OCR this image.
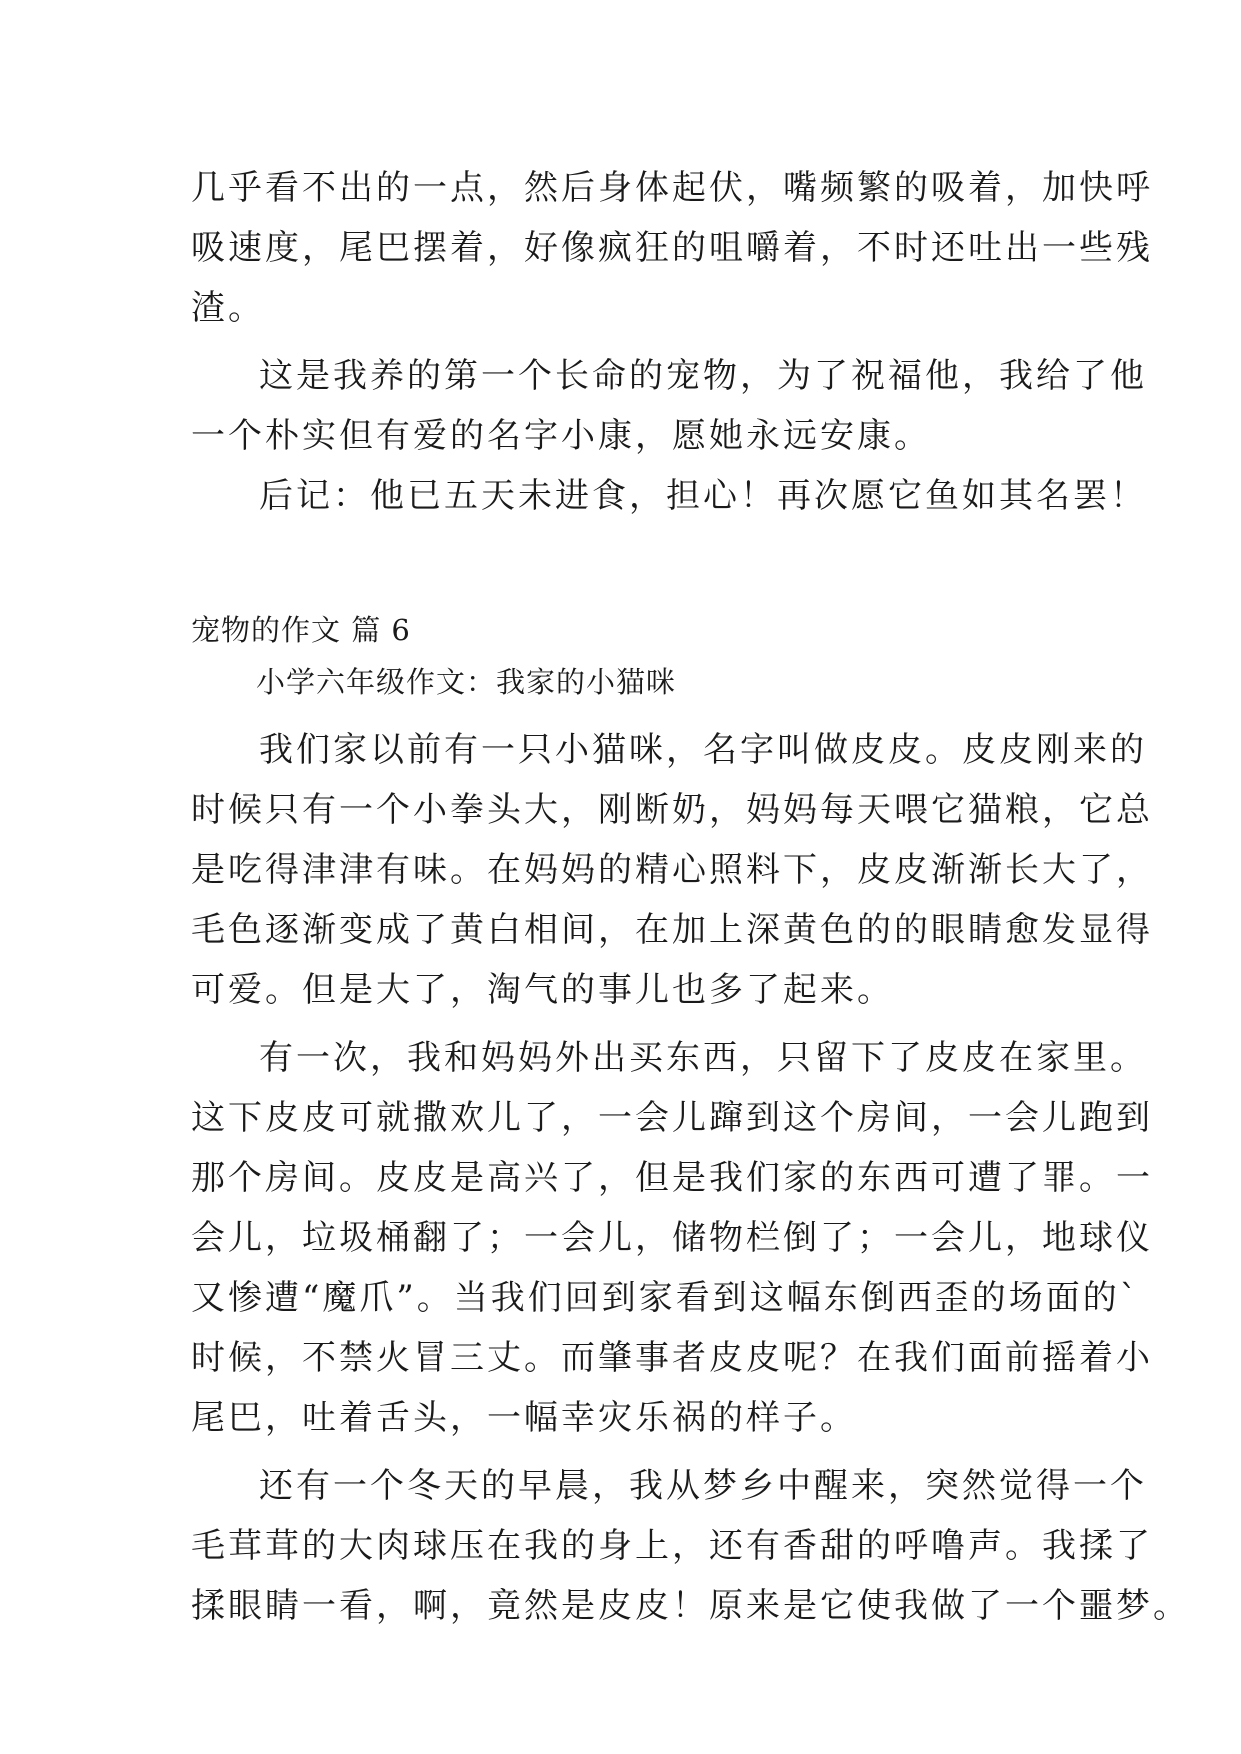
几乎看不出的一点，然后身体起伏，嘴频繁的吸着，加快呼
吸速度，尾巴摆着，好像疯狂的咀嚼着，不时还吐出一些残
渣。
这是我养的第一个长命的宠物，为了祝福他，我给了他
一个朴实但有爱的名字小康，愿她永远安康。
后记：他已五天未进食，担心！再次愿它鱼如其名罢！
宠物的作文 篇 6
小学六年级作文：我家的小猫咪
我们家以前有一只小猫咪，名字叫做皮皮。皮皮刚来的
时候只有一个小拳头大，刚断奶，妈妈每天喂它猫粮，它总
是吃得津津有味。在妈妈的精心照料下，皮皮渐渐长大了，
毛色逐渐变成了黄白相间，在加上深黄色的的眼睛愈发显得
可爱。但是大了，淘气的事儿也多了起来。
有一次，我和妈妈外出买东西，只留下了皮皮在家里。
这下皮皮可就撒欢儿了，一会儿蹿到这个房间，一会儿跑到
那个房间。皮皮是高兴了，但是我们家的东西可遭了罪。一
会儿，垃圾桶翻了；一会儿，储物栏倒了；一会儿，地球仪
又惨遭“魔爪”。当我们回到家看到这幅东倒西歪的场面的`
时候，不禁火冒三丈。而肇事者皮皮呢？在我们面前摇着小
尾巴，吐着舌头，一幅幸灾乐祸的样子。
还有一个冬天的早晨，我从梦乡中醒来，突然觉得一个
毛茸茸的大肉球压在我的身上，还有香甜的呼噜声。我揉了
揉眼睛一看，啊，竟然是皮皮！原来是它使我做了一个噩梦。
